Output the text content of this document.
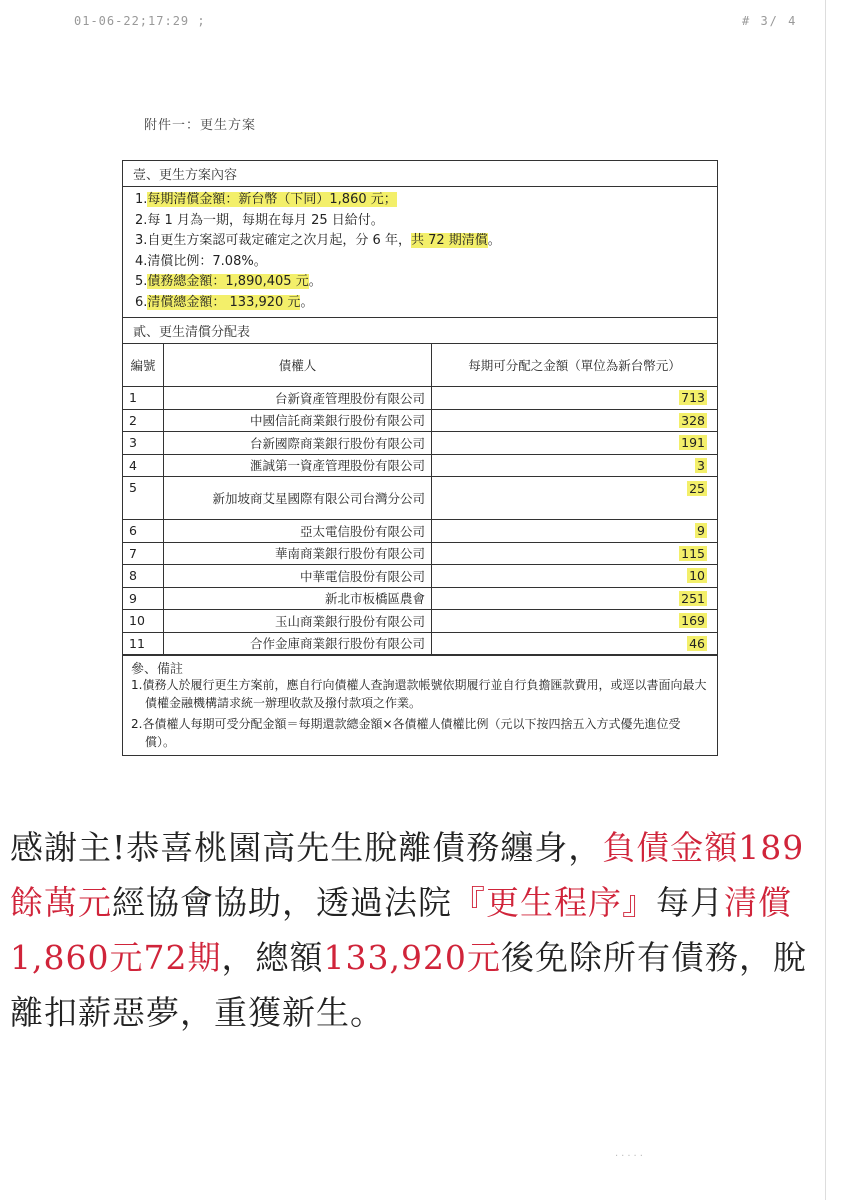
01-06-22;17:29 ;	# 3/ 4
附件一：更生方案
壹、更生方案內容
1.每期清償金額：新台幣（下同）1,860 元；
2.每 1 月為一期，每期在每月 25 日給付。
3.自更生方案認可裁定確定之次月起，分 6 年，共 72 期清償。
4.清償比例：7.08%。
5.債務總金額：1,890,405 元。
6.清償總金額： 133,920 元。
貳、更生清償分配表
編號	債權人	每期可分配之金額（單位為新台幣元）
1	台新資產管理股份有限公司	713
2	中國信託商業銀行股份有限公司	328
3	台新國際商業銀行股份有限公司	191
4	滙誠第一資產管理股份有限公司	3
5	新加坡商艾星國際有限公司台灣分公司	25
6	亞太電信股份有限公司	9
7	華南商業銀行股份有限公司	115
8	中華電信股份有限公司	10
9	新北市板橋區農會	251
10	玉山商業銀行股份有限公司	169
11	合作金庫商業銀行股份有限公司	46
參、備註
1.債務人於履行更生方案前，應自行向債權人查詢還款帳號依期履行並自行負擔匯款費用，或逕以書面向最大債權金融機構請求統一辦理收款及撥付款項之作業。
2.各債權人每期可受分配金額＝每期還款總金額×各債權人債權比例（元以下按四捨五入方式優先進位受償）。
感謝主!恭喜桃園高先生脫離債務纏身，負債金額189餘萬元經協會協助，透過法院『更生程序』每月清償1,860元72期，總額133,920元後免除所有債務，脫離扣薪惡夢，重獲新生。
·····
